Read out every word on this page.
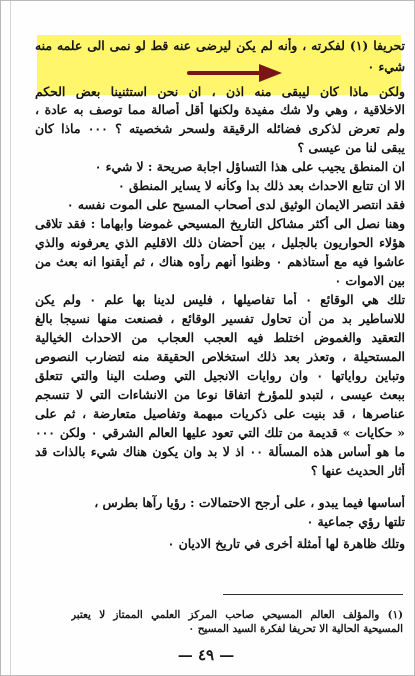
تحريفا (١) لفكرته ، وأنه لم يكن ليرضى عنه قط لو نمى الى علمه منه
شيء ٠
ولكن ماذا كان ليبقى منه اذن ، ان نحن استثنينا بعض الحكم
الاخلاقية ، وهي ولا شك مفيدة ولكنها أقل أصالة مما توصف به عادة ،
ولم تعرض لذكرى فضائله الرقيقة ولسحر شخصيته ؟ ٠٠٠ ماذا كان
يبقى لنا من عيسى ؟
ان المنطق يجيب على هذا التساؤل اجابة صريحة : لا شيء ٠
الا ان تتابع الاحداث بعد ذلك بدا وكأنه لا يساير المنطق ٠
فقد انتصر الايمان الوثيق لدى أصحاب المسيح على الموت نفسه ٠
وهنا نصل الى أكثر مشاكل التاريخ المسيحي غموضا وابهاما : فقد تلاقى
هؤلاء الحواريون بالجليل ، بين أحضان ذلك الاقليم الذي يعرفونه والذي
عاشوا فيه مع أستاذهم ٠ وظنوا أنهم رأوه هناك ، ثم أيقنوا انه بعث من
بين الاموات ٠
تلك هي الوقائع ٠ أما تفاصيلها ، فليس لدينا بها علم ٠ ولم يكن
للاساطير بد من أن تحاول تفسير الوقائع ، فصنعت منها نسيجا بالغ
التعقيد والغموض اختلط فيه العجب العجاب من الاحداث الخيالية
المستحيلة ، وتعذر بعد ذلك استخلاص الحقيقة منه لتضارب النصوص
وتباين رواياتها ٠ وان روايات الانجيل التي وصلت الينا والتي تتعلق
ببعث عيسى ، لتبدو للمؤرخ اتفاقا نوعا من الانشاءات التي لا تنسجم
عناصرها ، قد بنيت على ذكريات مبهمة وتفاصيل متعارضة ، ثم على
« حكايات » قديمة من تلك التي تعود عليها العالم الشرقي ٠ ولكن ٠٠٠
ما هو أساس هذه المسألة ٠٠ اذ لا بد وان يكون هناك شيء بالذات قد
أثار الحديث عنها ؟
أساسها فيما يبدو ، على أرجح الاحتمالات : رؤيا رآها بطرس ،
تلتها رؤي جماعية ٠
وتلك ظاهرة لها أمثلة أخرى في تاريخ الاديان ٠
(١) والمؤلف العالم المسيحي صاحب المركز العلمي الممتاز لا يعتبر
المسيحية الحالية الا تحريفا لفكرة السيد المسيح ٠
— ٤٩ —
